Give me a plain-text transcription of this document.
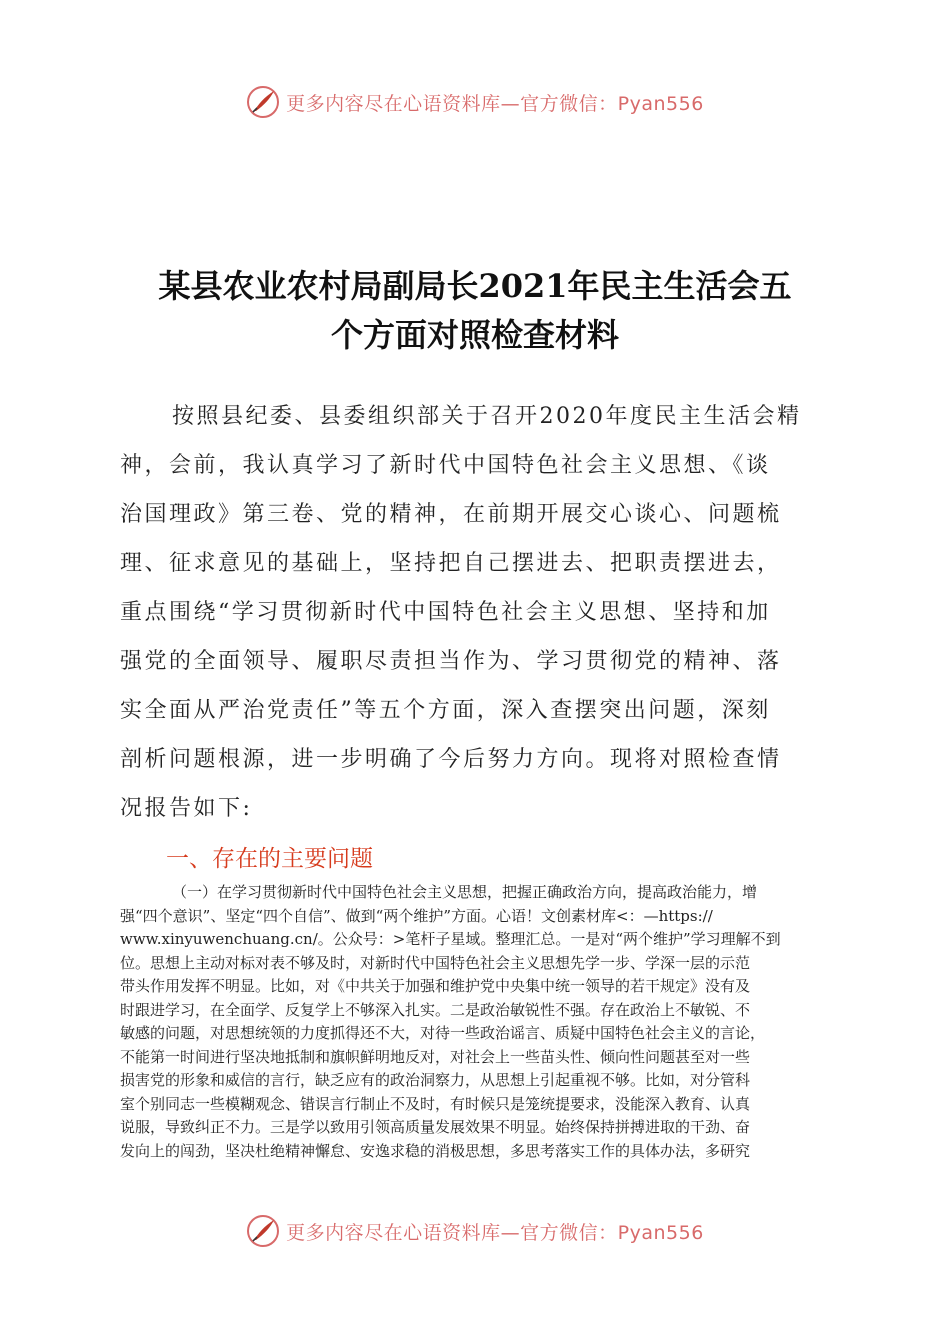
更多内容尽在心语资料库—官方微信：Pyan556
某县农业农村局副局长2021年民主生活会五
个方面对照检查材料

按照县纪委、县委组织部关于召开2020年度民主生活会精
神，会前，我认真学习了新时代中国特色社会主义思想、《谈
治国理政》第三卷、党的精神，在前期开展交心谈心、问题梳
理、征求意见的基础上，坚持把自己摆进去、把职责摆进去，
重点围绕“学习贯彻新时代中国特色社会主义思想、坚持和加
强党的全面领导、履职尽责担当作为、学习贯彻党的精神、落
实全面从严治党责任”等五个方面，深入查摆突出问题，深刻
剖析问题根源，进一步明确了今后努力方向。现将对照检查情
况报告如下:

一、存在的主要问题

（一）在学习贯彻新时代中国特色社会主义思想，把握正确政治方向，提高政治能力，增
强“四个意识”、坚定“四个自信”、做到“两个维护”方面。心语！文创素材库<：—https://
www.xinyuwenchuang.cn/。公众号：>笔杆子星域。整理汇总。一是对“两个维护”学习理解不到
位。思想上主动对标对表不够及时，对新时代中国特色社会主义思想先学一步、学深一层的示范
带头作用发挥不明显。比如，对《中共关于加强和维护党中央集中统一领导的若干规定》没有及
时跟进学习，在全面学、反复学上不够深入扎实。二是政治敏锐性不强。存在政治上不敏锐、不
敏感的问题，对思想统领的力度抓得还不大，对待一些政治谣言、质疑中国特色社会主义的言论，
不能第一时间进行坚决地抵制和旗帜鲜明地反对，对社会上一些苗头性、倾向性问题甚至对一些
损害党的形象和威信的言行，缺乏应有的政治洞察力，从思想上引起重视不够。比如，对分管科
室个别同志一些模糊观念、错误言行制止不及时，有时候只是笼统提要求，没能深入教育、认真
说服，导致纠正不力。三是学以致用引领高质量发展效果不明显。始终保持拼搏进取的干劲、奋
发向上的闯劲，坚决杜绝精神懈怠、安逸求稳的消极思想，多思考落实工作的具体办法，多研究

更多内容尽在心语资料库—官方微信：Pyan556
